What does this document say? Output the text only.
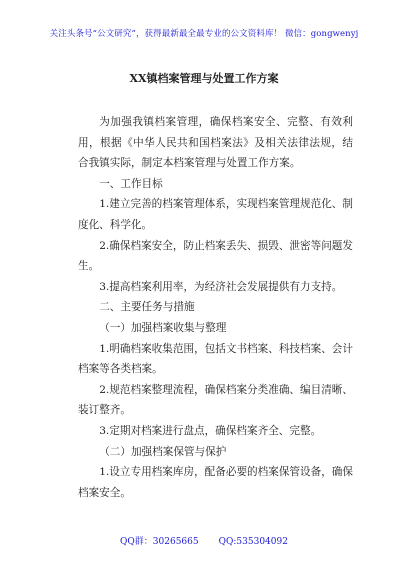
关注头条号“公文研究”，获得最新最全最专业的公文资料库！ 微信：gongwenyj
XX镇档案管理与处置工作方案

为加强我镇档案管理，确保档案安全、完整、有效利用，根据《中华人民共和国档案法》及相关法律法规，结合我镇实际，制定本档案管理与处置工作方案。

一、工作目标

1.建立完善的档案管理体系，实现档案管理规范化、制度化、科学化。

2.确保档案安全，防止档案丢失、损毁、泄密等问题发生。

3.提高档案利用率，为经济社会发展提供有力支持。

二、主要任务与措施

（一）加强档案收集与整理

1.明确档案收集范围，包括文书档案、科技档案、会计档案等各类档案。

2.规范档案整理流程，确保档案分类准确、编目清晰、装订整齐。

3.定期对档案进行盘点，确保档案齐全、完整。

（二）加强档案保管与保护

1.设立专用档案库房，配备必要的档案保管设备，确保档案安全。

QQ群：30265665 QQ:535304092
